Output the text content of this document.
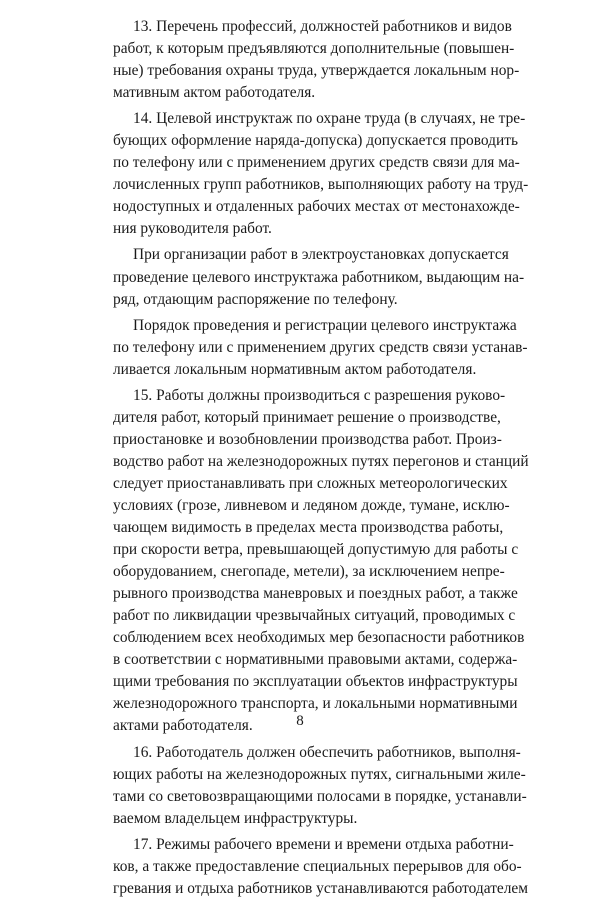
13. Перечень профессий, должностей работников и видов
работ, к которым предъявляются дополнительные (повышен-
ные) требования охраны труда, утверждается локальным нор-
мативным актом работодателя.
14. Целевой инструктаж по охране труда (в случаях, не тре-
бующих оформление наряда-допуска) допускается проводить
по телефону или с применением других средств связи для ма-
лочисленных групп работников, выполняющих работу на труд-
нодоступных и отдаленных рабочих местах от местонахожде-
ния руководителя работ.
При организации работ в электроустановках допускается
проведение целевого инструктажа работником, выдающим на-
ряд, отдающим распоряжение по телефону.
Порядок проведения и регистрации целевого инструктажа
по телефону или с применением других средств связи устанав-
ливается локальным нормативным актом работодателя.
15. Работы должны производиться с разрешения руково-
дителя работ, который принимает решение о производстве,
приостановке и возобновлении производства работ. Произ-
водство работ на железнодорожных путях перегонов и станций
следует приостанавливать при сложных метеорологических
условиях (грозе, ливневом и ледяном дожде, тумане, исклю-
чающем видимость в пределах места производства работы,
при скорости ветра, превышающей допустимую для работы с
оборудованием, снегопаде, метели), за исключением непре-
рывного производства маневровых и поездных работ, а также
работ по ликвидации чрезвычайных ситуаций, проводимых с
соблюдением всех необходимых мер безопасности работников
в соответствии с нормативными правовыми актами, содержа-
щими требования по эксплуатации объектов инфраструктуры
железнодорожного транспорта, и локальными нормативными
актами работодателя.
16. Работодатель должен обеспечить работников, выполня-
ющих работы на железнодорожных путях, сигнальными жиле-
тами со световозвращающими полосами в порядке, устанавли-
ваемом владельцем инфраструктуры.
17. Режимы рабочего времени и времени отдыха работни-
ков, а также предоставление специальных перерывов для обо-
гревания и отдыха работников устанавливаются работодателем
8
